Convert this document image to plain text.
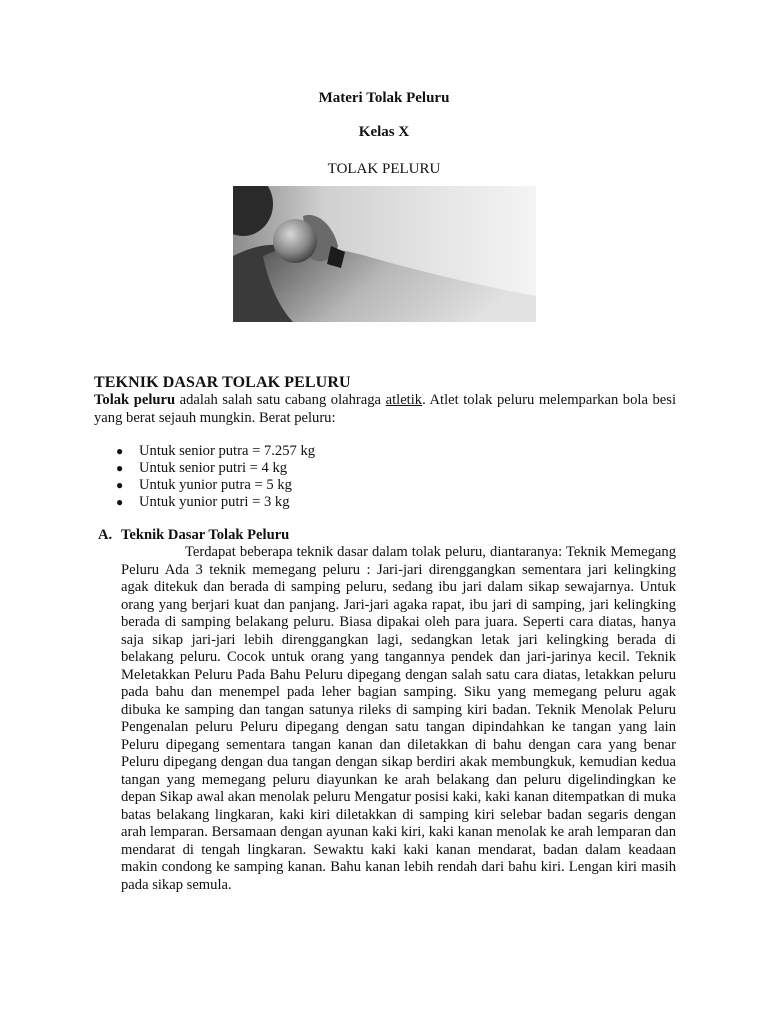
Materi Tolak Peluru
Kelas X
TOLAK PELURU
TEKNIK DASAR TOLAK PELURU
Tolak peluru adalah salah satu cabang olahraga atletik. Atlet tolak peluru melemparkan bola besi yang berat sejauh mungkin. Berat peluru:
● Untuk senior putra = 7.257 kg
● Untuk senior putri = 4 kg
● Untuk yunior putra = 5 kg
● Untuk yunior putri = 3 kg
A. Teknik Dasar Tolak Peluru

Terdapat beberapa teknik dasar dalam tolak peluru, diantaranya: Teknik Memegang Peluru Ada 3 teknik memegang peluru : Jari-jari direnggangkan sementara jari kelingking agak ditekuk dan berada di samping peluru, sedang ibu jari dalam sikap sewajarnya. Untuk orang yang berjari kuat dan panjang. Jari-jari agaka rapat, ibu jari di samping, jari kelingking berada di samping belakang peluru. Biasa dipakai oleh para juara. Seperti cara diatas, hanya saja sikap jari-jari lebih direnggangkan lagi, sedangkan letak jari kelingking berada di belakang peluru. Cocok untuk orang yang tangannya pendek dan jari-jarinya kecil. Teknik Meletakkan Peluru Pada Bahu Peluru dipegang dengan salah satu cara diatas, letakkan peluru pada bahu dan menempel pada leher bagian samping. Siku yang memegang peluru agak dibuka ke samping dan tangan satunya rileks di samping kiri badan. Teknik Menolak Peluru Pengenalan peluru Peluru dipegang dengan satu tangan dipindahkan ke tangan yang lain Peluru dipegang sementara tangan kanan dan diletakkan di bahu dengan cara yang benar Peluru dipegang dengan dua tangan dengan sikap berdiri akak membungkuk, kemudian kedua tangan yang memegang peluru diayunkan ke arah belakang dan peluru digelindingkan ke depan Sikap awal akan menolak peluru Mengatur posisi kaki, kaki kanan ditempatkan di muka batas belakang lingkaran, kaki kiri diletakkan di samping kiri selebar badan segaris dengan arah lemparan. Bersamaan dengan ayunan kaki kiri, kaki kanan menolak ke arah lemparan dan mendarat di tengah lingkaran. Sewaktu kaki kaki kanan mendarat, badan dalam keadaan makin condong ke samping kanan. Bahu kanan lebih rendah dari bahu kiri. Lengan kiri masih pada sikap semula.
